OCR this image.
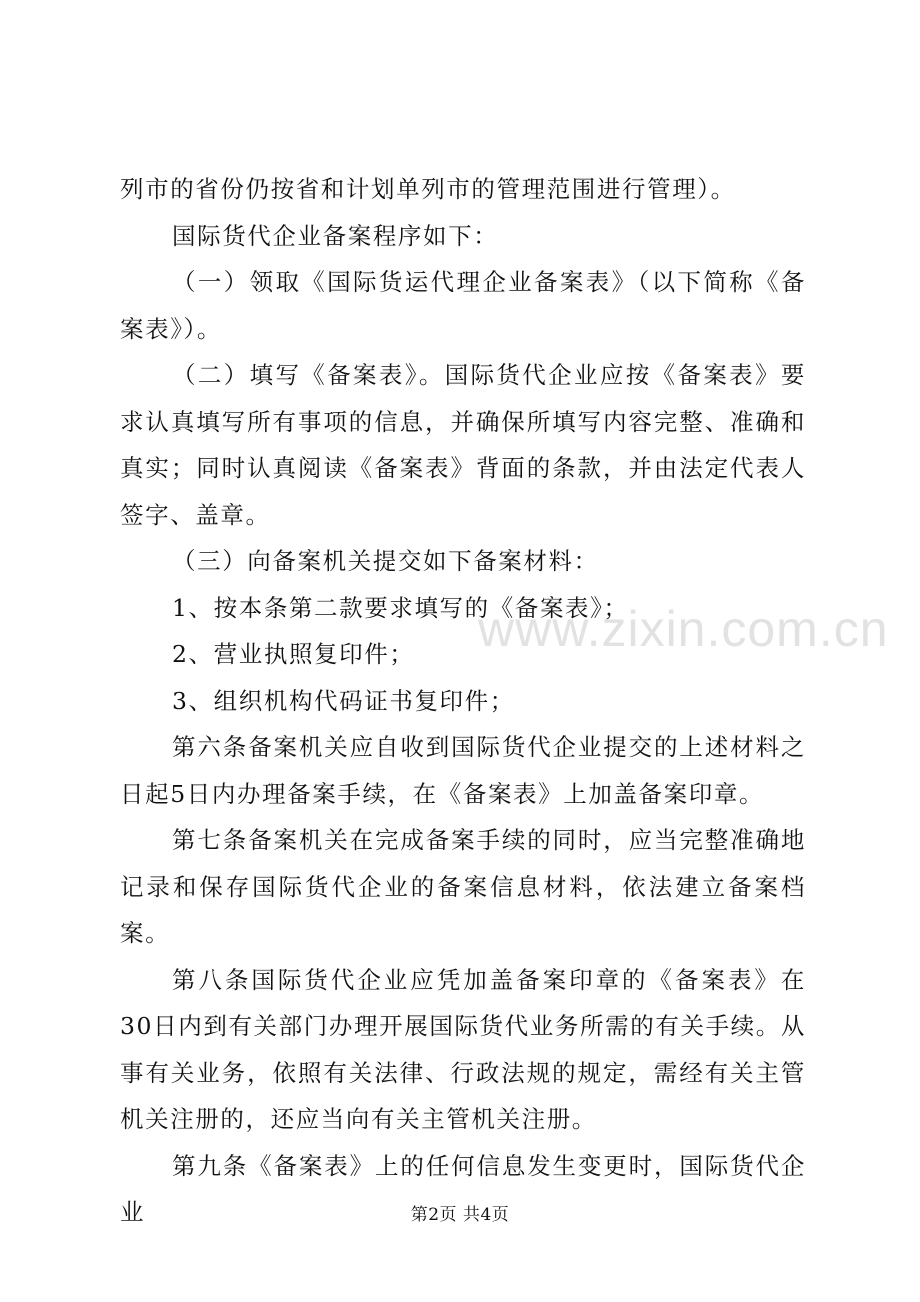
列市的省份仍按省和计划单列市的管理范围进行管理）。

国际货代企业备案程序如下：

（一）领取《国际货运代理企业备案表》（以下简称《备案表》）。

（二）填写《备案表》。国际货代企业应按《备案表》要求认真填写所有事项的信息，并确保所填写内容完整、准确和真实；同时认真阅读《备案表》背面的条款，并由法定代表人签字、盖章。

（三）向备案机关提交如下备案材料：

1、按本条第二款要求填写的《备案表》；

2、营业执照复印件；

3、组织机构代码证书复印件；

第六条备案机关应自收到国际货代企业提交的上述材料之日起5日内办理备案手续，在《备案表》上加盖备案印章。

第七条备案机关在完成备案手续的同时，应当完整准确地记录和保存国际货代企业的备案信息材料，依法建立备案档案。

第八条国际货代企业应凭加盖备案印章的《备案表》在30日内到有关部门办理开展国际货代业务所需的有关手续。从事有关业务，依照有关法律、行政法规的规定，需经有关主管机关注册的，还应当向有关主管机关注册。

第九条《备案表》上的任何信息发生变更时，国际货代企业

www.zixin.com.cn
第2页 共4页
